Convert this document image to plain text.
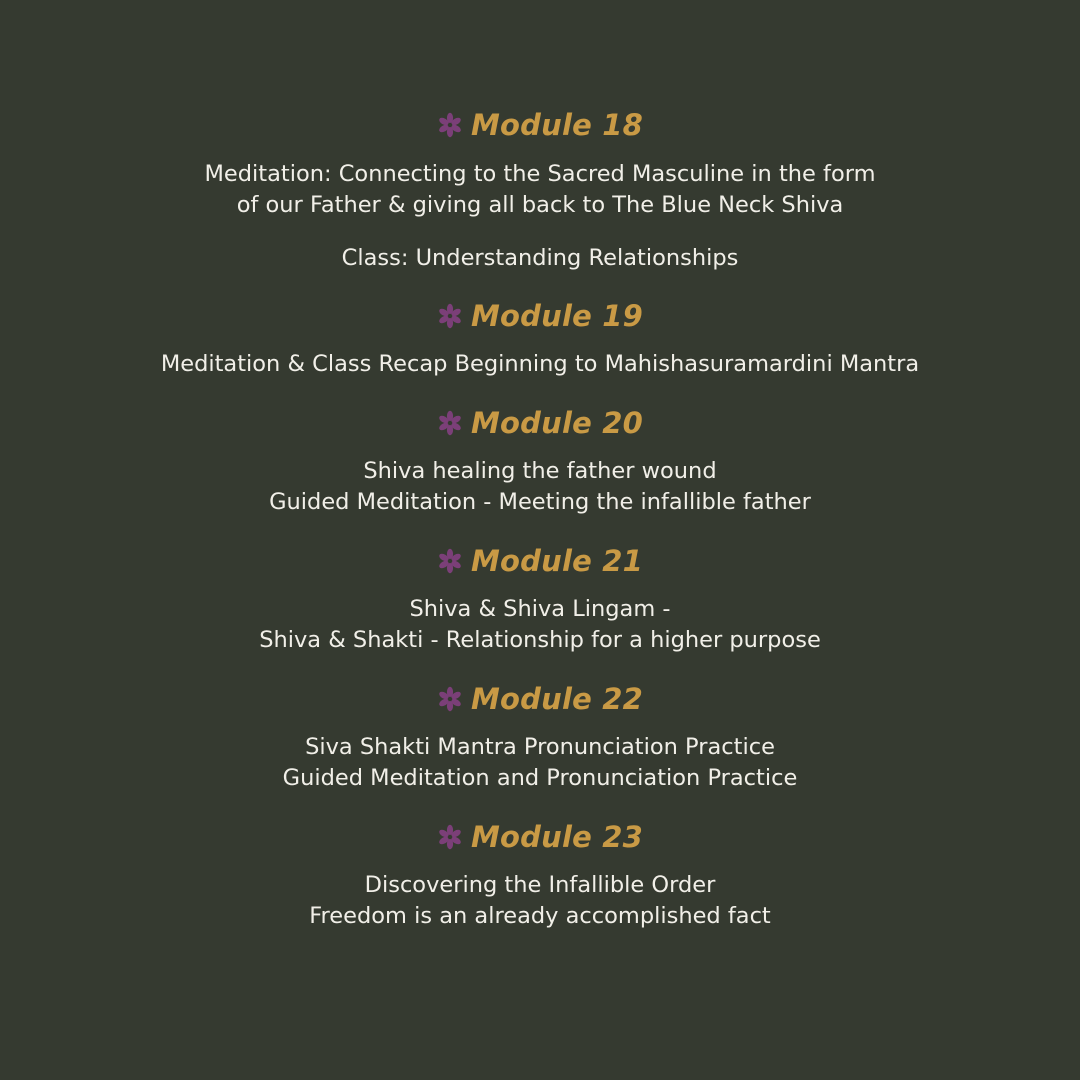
Module 18
Meditation: Connecting to the Sacred Masculine in the form
of our Father & giving all back to The Blue Neck Shiva
Class: Understanding Relationships
Module 19
Meditation & Class Recap Beginning to Mahishasuramardini Mantra
Module 20
Shiva healing the father wound
Guided Meditation - Meeting the infallible father
Module 21
Shiva & Shiva Lingam -
Shiva & Shakti - Relationship for a higher purpose
Module 22
Siva Shakti Mantra Pronunciation Practice
Guided Meditation and Pronunciation Practice
Module 23
Discovering the Infallible Order
Freedom is an already accomplished fact
